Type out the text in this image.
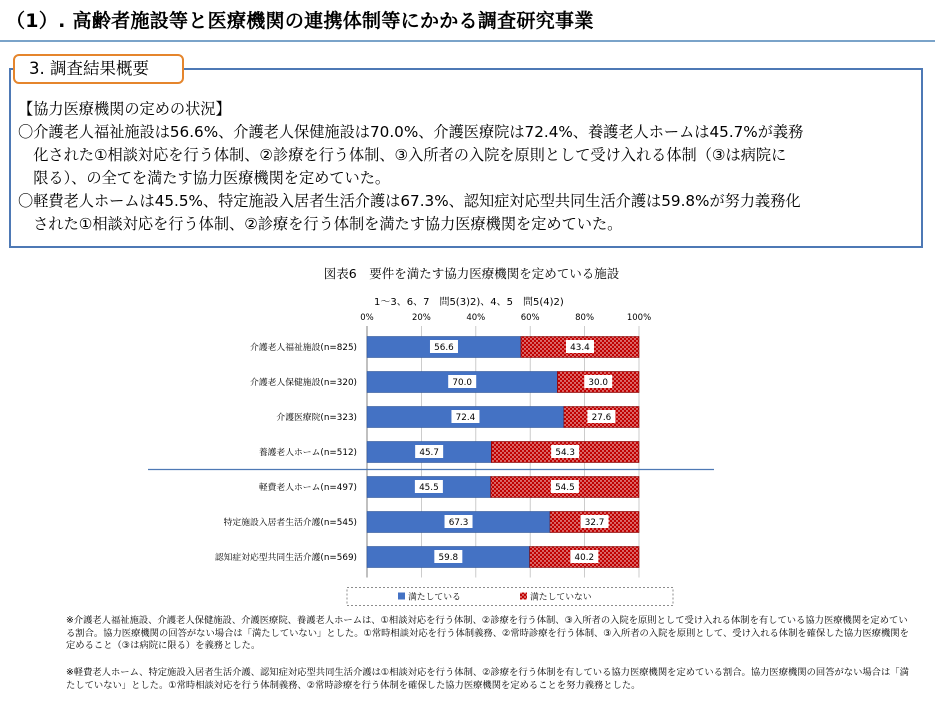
（1）. 高齢者施設等と医療機関の連携体制等にかかる調査研究事業
3. 調査結果概要
【協力医療機関の定めの状況】
〇介護老人福祉施設は56.6%、介護老人保健施設は70.0%、介護医療院は72.4%、養護老人ホームは45.7%が義務
　化された①相談対応を行う体制、②診療を行う体制、③入所者の入院を原則として受け入れる体制（③は病院に
　限る）、の全てを満たす協力医療機関を定めていた。
〇軽費老人ホームは45.5%、特定施設入居者生活介護は67.3%、認知症対応型共同生活介護は59.8%が努力義務化
　された①相談対応を行う体制、②診療を行う体制を満たす協力医療機関を定めていた。
図表6　要件を満たす協力医療機関を定めている施設
1～3、6、7　問5(3)2)、4、5　問5(4)2)
0%	20%	40%	60%	80%	100%
介護老人福祉施設(n=825)	56.6	43.4
介護老人保健施設(n=320)	70.0	30.0
介護医療院(n=323)	72.4	27.6
養護老人ホーム(n=512)	45.7	54.3
軽費老人ホーム(n=497)	45.5	54.5
特定施設入居者生活介護(n=545)	67.3	32.7
認知症対応型共同生活介護(n=569)	59.8	40.2
満たしている	満たしていない
※介護老人福祉施設、介護老人保健施設、介護医療院、養護老人ホームは、①相談対応を行う体制、②診療を行う体制、③入所者の入院を原則として受け入れる体制を有している協力医療機関を定めている割合。協力医療機関の回答がない場合は「満たしていない」とした。①常時相談対応を行う体制義務、②常時診療を行う体制、③入所者の入院を原則として、受け入れる体制を確保した協力医療機関を定めること（③は病院に限る）を義務とした。
※軽費老人ホーム、特定施設入居者生活介護、認知症対応型共同生活介護は①相談対応を行う体制、②診療を行う体制を有している協力医療機関を定めている割合。協力医療機関の回答がない場合は「満たしていない」とした。①常時相談対応を行う体制義務、②常時診療を行う体制を確保した協力医療機関を定めることを努力義務とした。
